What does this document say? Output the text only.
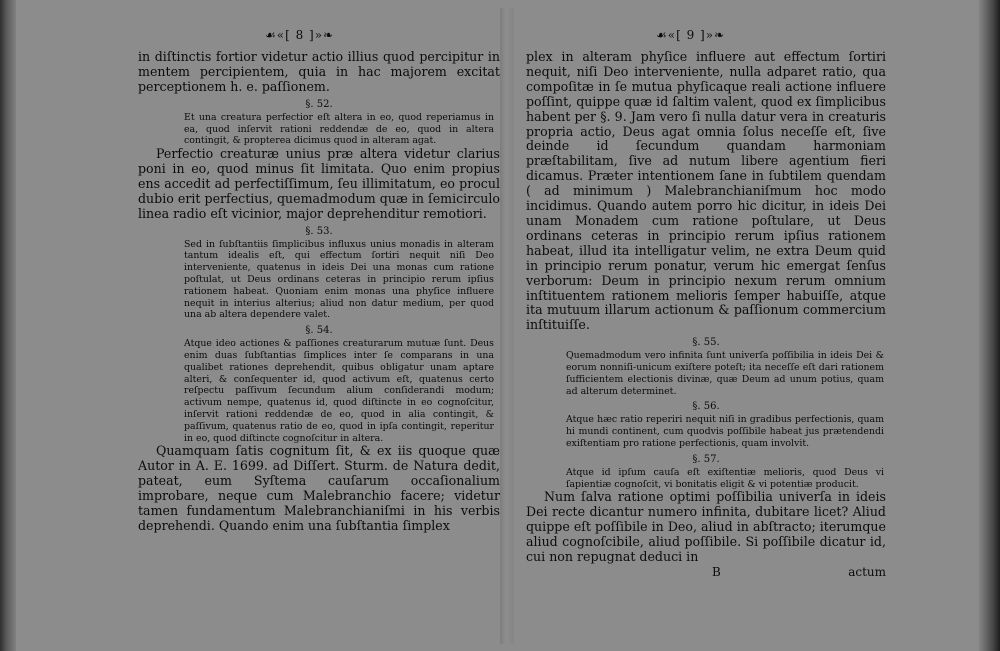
☙«[ 8 ]»❧

in diſtinctis fortior videtur actio illius quod percipitur in mentem percipientem, quia in hac majorem excitat perceptionem h. e. paſſionem.

§. 52.

Et una creatura perfectior eſt altera in eo, quod reperiamus in ea, quod inſervit rationi reddendæ de eo, quod in altera contingit, & propterea dicimus quod in alteram agat.

Perfectio creaturæ unius præ altera videtur clarius poni in eo, quod minus ſit limitata. Quo enim propius ens accedit ad perfectiſſimum, ſeu illimitatum, eo procul dubio erit perfectius, quemadmodum quæ in ſemicirculo linea radio eſt vicinior, major deprehenditur remotiori.

§. 53.

Sed in ſubſtantiis ſimplicibus influxus unius monadis in alteram tantum idealis eſt, qui effectum ſortiri nequit niſi Deo interveniente, quatenus in ideis Dei una monas cum ratione poſtulat, ut Deus ordinans ceteras in principio rerum ipſius rationem habeat. Quoniam enim monas una phyſice influere nequit in interius alterius; aliud non datur medium, per quod una ab altera dependere valet.

§. 54.

Atque ideo actiones & paſſiones creaturarum mutuæ ſunt. Deus enim duas ſubſtantias ſimplices inter ſe comparans in una qualibet rationes deprehendit, quibus obligatur unam aptare alteri, & conſequenter id, quod activum eſt, quatenus certo reſpectu paſſivum ſecundum alium conſiderandi modum; activum nempe, quatenus id, quod diſtincte in eo cognoſcitur, inſervit rationi reddendæ de eo, quod in alia contingit, & paſſivum, quatenus ratio de eo, quod in ipſa contingit, reperitur in eo, quod diſtincte cognoſcitur in altera.

Quamquam ſatis cognitum ſit, & ex iis quoque quæ Autor in A. E. 1699. ad Diſſert. Sturm. de Natura dedit, pateat, eum Syſtema cauſarum occaſionalium improbare, neque cum Malebranchio facere; videtur tamen fundamentum Malebranchianiſmi in his verbis deprehendi. Quando enim una ſubſtantia ſimplex

☙«[ 9 ]»❧

plex in alteram phyſice influere aut effectum ſortiri nequit, niſi Deo interveniente, nulla adparet ratio, qua compoſitæ in ſe mutua phyſicaque reali actione influere poſſint, quippe quæ id ſaltim valent, quod ex ſimplicibus habent per §. 9. Jam vero ſi nulla datur vera in creaturis propria actio, Deus agat omnia ſolus neceſſe eſt, ſive deinde id ſecundum quandam harmoniam præſtabilitam, ſive ad nutum libere agentium fieri dicamus. Præter intentionem ſane in ſubtilem quendam ( ad minimum ) Malebranchianiſmum hoc modo incidimus. Quando autem porro hic dicitur, in ideis Dei unam Monadem cum ratione poſtulare, ut Deus ordinans ceteras in principio rerum ipſius rationem habeat, illud ita intelligatur velim, ne extra Deum quid in principio rerum ponatur, verum hic emergat ſenſus verborum: Deum in principio nexum rerum omnium inſtituentem rationem melioris ſemper habuiſſe, atque ita mutuum illarum actionum & paſſionum commercium inſtituiſſe.

§. 55.

Quemadmodum vero infinita ſunt univerſa poſſibilia in ideis Dei & eorum nonniſi-unicum exiſtere poteſt; ita neceſſe eſt dari rationem ſufficientem electionis divinæ, quæ Deum ad unum potius, quam ad alterum determinet.

§. 56.

Atque hæc ratio reperiri nequit niſi in gradibus perfectionis, quam hi mundi continent, cum quodvis poſſibile habeat jus prætendendi exiſtentiam pro ratione perfectionis, quam involvit.

§. 57.

Atque id ipſum cauſa eſt exiſtentiæ melioris, quod Deus vi ſapientiæ cognoſcit, vi bonitatis eligit & vi potentiæ producit.

Num ſalva ratione optimi poſſibilia univerſa in ideis Dei recte dicantur numero infinita, dubitare licet? Aliud quippe eſt poſſibile in Deo, aliud in abſtracto; iterumque aliud cognoſcibile, aliud poſſibile. Si poſſibile dicatur id, cui non repugnat deduci in

B	actum
